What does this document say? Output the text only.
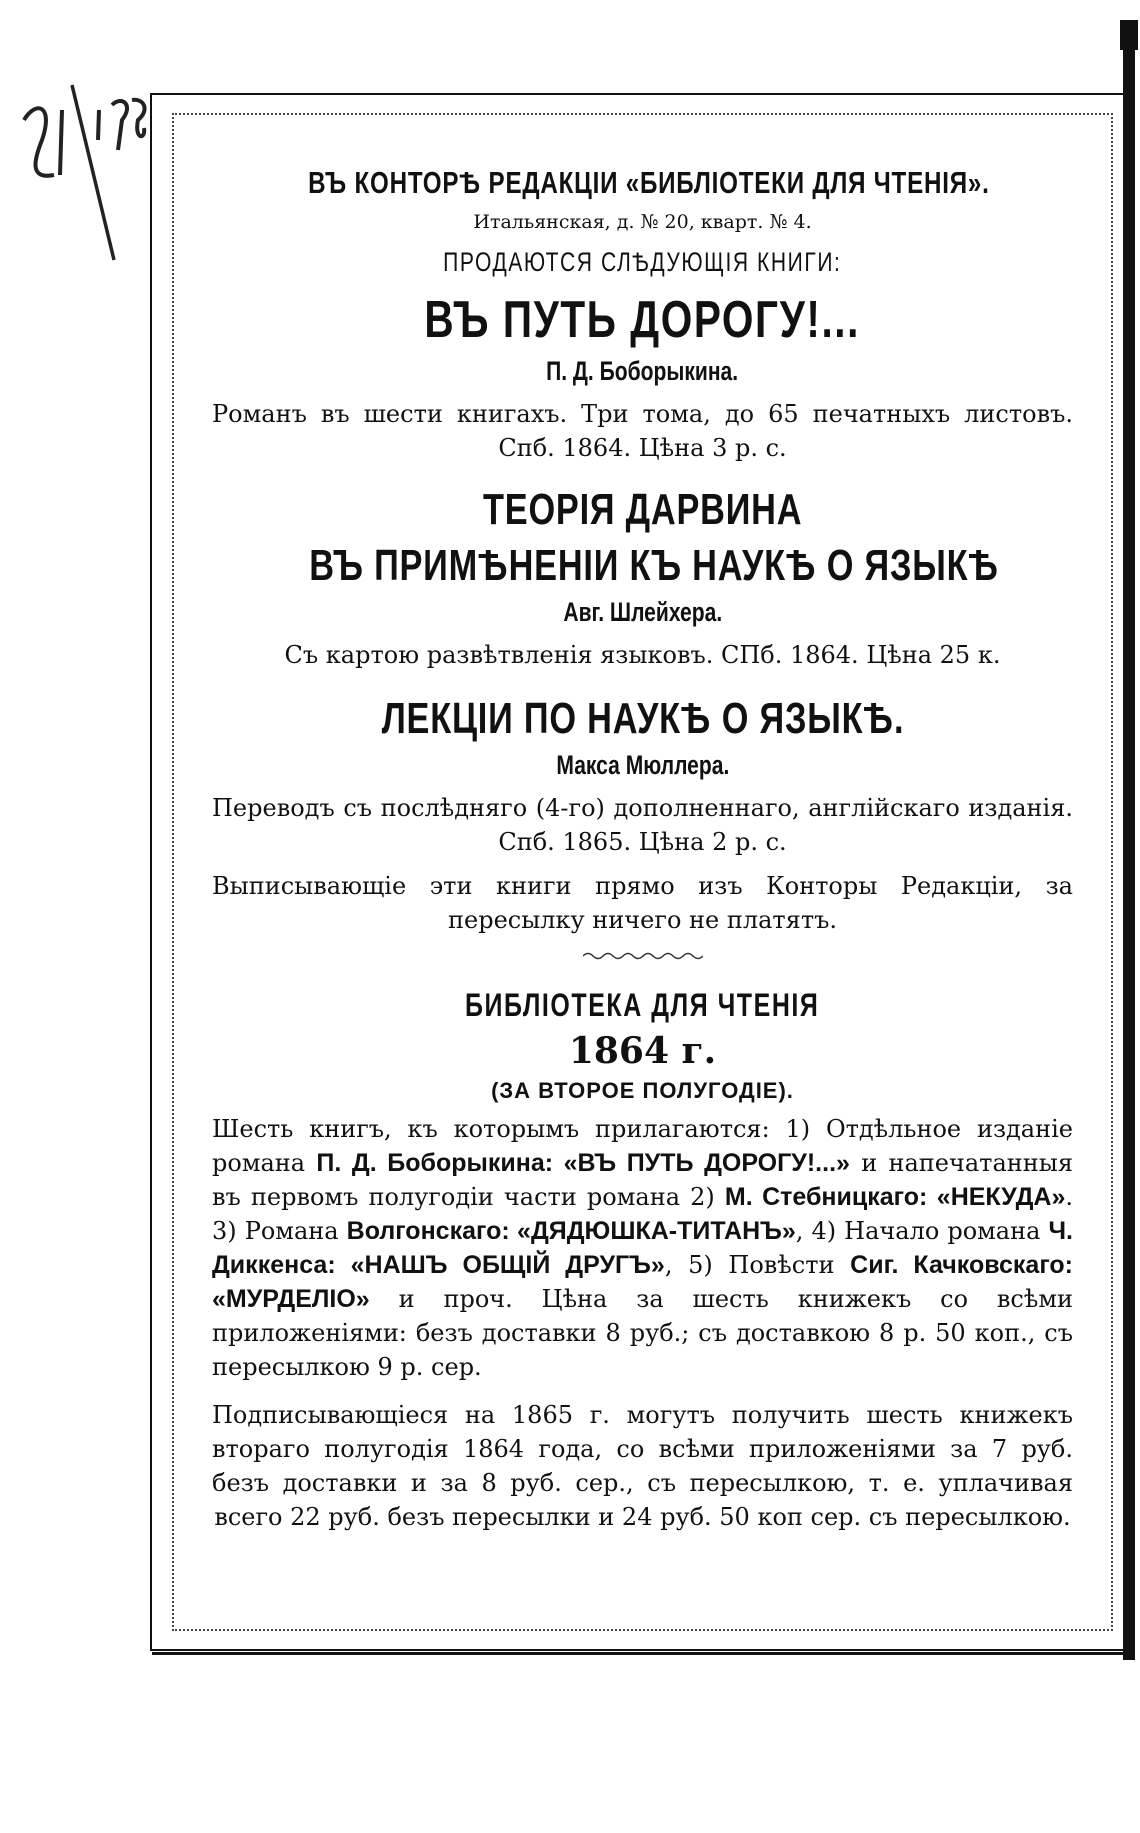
ВЪ КОНТОРѢ РЕДАКЦІИ «БИБЛІОТЕКИ ДЛЯ ЧТЕНІЯ».

Итальянская, д. № 20, кварт. № 4.

ПРОДАЮТСЯ СЛѢДУЮЩІЯ КНИГИ:

ВЪ ПУТЬ ДОРОГУ!...

П. Д. Боборыкина.

Романъ въ шести книгахъ. Три тома, до 65 печатныхъ листовъ. Спб. 1864. Цѣна 3 р. с.

ТЕОРІЯ ДАРВИНА

ВЪ ПРИМѢНЕНІИ КЪ НАУКѢ О ЯЗЫКѢ

Авг. Шлейхера.

Съ картою развѣтвленія языковъ. СПб. 1864. Цѣна 25 к.

ЛЕКЦІИ ПО НАУКѢ О ЯЗЫКѢ.

Макса Мюллера.

Переводъ съ послѣдняго (4-го) дополненнаго, англійскаго изданія. Спб. 1865. Цѣна 2 р. с.

Выписывающіе эти книги прямо изъ Конторы Редакціи, за пересылку ничего не платятъ.

БИБЛІОТЕКА ДЛЯ ЧТЕНІЯ

1864 г.

(ЗА ВТОРОЕ ПОЛУГОДІЕ).

Шесть книгъ, къ которымъ прилагаются: 1) Отдѣльное изданіе романа П. Д. Боборыкина: «ВЪ ПУТЬ ДОРОГУ!...» и напечатанныя въ первомъ полугодіи части романа 2) М. Стебницкаго: «НЕКУДА». 3) Романа Волгонскаго: «ДЯДЮШКА-ТИТАНЪ», 4) Начало романа Ч. Диккенса: «НАШЪ ОБЩІЙ ДРУГЪ», 5) Повѣсти Сиг. Качковскаго: «МУРДЕЛІО» и проч. Цѣна за шесть книжекъ со всѣми приложеніями: безъ доставки 8 руб.; съ доставкою 8 р. 50 коп., съ пересылкою 9 р. сер.

Подписывающіеся на 1865 г. могутъ получить шесть книжекъ втораго полугодія 1864 года, со всѣми приложеніями за 7 руб. безъ доставки и за 8 руб. сер., съ пересылкою, т. е. уплачивая всего 22 руб. безъ пересылки и 24 руб. 50 коп сер. съ пересылкою.
